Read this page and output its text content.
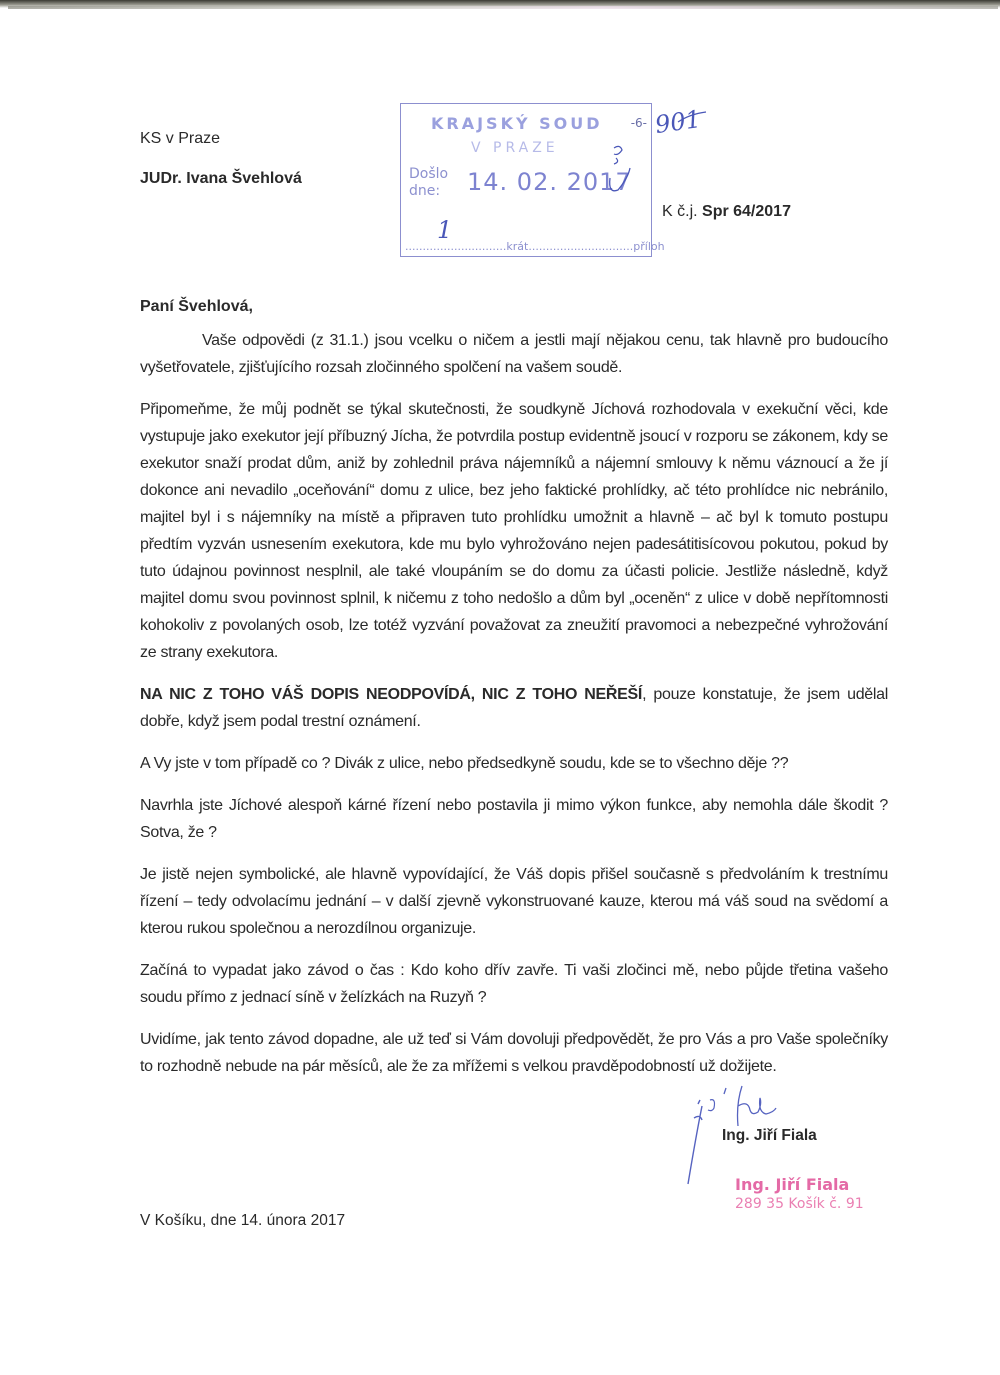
KS v Praze
JUDr. Ivana Švehlová
KRAJSKÝ SOUD -6-
V PRAZE
Došlo
dne:	14. 02. 2017
1
.............................krát..............................příloh
901
K č.j. Spr 64/2017
Paní Švehlová,

Vaše odpovědi (z 31.1.) jsou vcelku o ničem a jestli mají nějakou cenu, tak hlavně pro budoucího vyšetřovatele, zjišťujícího rozsah zločinného spolčení na vašem soudě.

Připomeňme, že můj podnět se týkal skutečnosti, že soudkyně Jíchová rozhodovala v exekuční věci, kde vystupuje jako exekutor její příbuzný Jícha, že potvrdila postup evidentně jsoucí v rozporu se zákonem, kdy se exekutor snaží prodat dům, aniž by zohlednil práva nájemníků a nájemní smlouvy k němu váznoucí a že jí dokonce ani nevadilo „oceňování“ domu z ulice, bez jeho faktické prohlídky, ač této prohlídce nic nebránilo, majitel byl i s nájemníky na místě a připraven tuto prohlídku umožnit a hlavně – ač byl k tomuto postupu předtím vyzván usnesením exekutora, kde mu bylo vyhrožováno nejen padesátitisícovou pokutou, pokud by tuto údajnou povinnost nesplnil, ale také vloupáním se do domu za účasti policie. Jestliže následně, když majitel domu svou povinnost splnil, k ničemu z toho nedošlo a dům byl „oceněn“ z ulice v době nepřítomnosti kohokoliv z povolaných osob, lze totéž vyzvání považovat za zneužití pravomoci a nebezpečné vyhrožování ze strany exekutora.

NA NIC Z TOHO VÁŠ DOPIS NEODPOVÍDÁ, NIC Z TOHO NEŘEŠÍ, pouze konstatuje, že jsem udělal dobře, když jsem podal trestní oznámení.

A Vy jste v tom případě co ? Divák z ulice, nebo předsedkyně soudu, kde se to všechno děje ??

Navrhla jste Jíchové alespoň kárné řízení nebo postavila ji mimo výkon funkce, aby nemohla dále škodit ? Sotva, že ?

Je jistě nejen symbolické, ale hlavně vypovídající, že Váš dopis přišel současně s předvoláním k trestnímu řízení – tedy odvolacímu jednání – v další zjevně vykonstruované kauze, kterou má váš soud na svědomí a kterou rukou společnou a nerozdílnou organizuje.

Začíná to vypadat jako závod o čas : Kdo koho dřív zavře. Ti vaši zločinci mě, nebo půjde třetina vašeho soudu přímo z jednací síně v želízkách na Ruzyň ?

Uvidíme, jak tento závod dopadne, ale už teď si Vám dovoluji předpovědět, že pro Vás a pro Vaše společníky to rozhodně nebude na pár měsíců, ale že za mřížemi s velkou pravděpodobností už dožijete.

Ing. Jiří Fiala
Ing. Jiří Fiala
289 35 Košík č. 91
V Košíku, dne 14. února 2017
